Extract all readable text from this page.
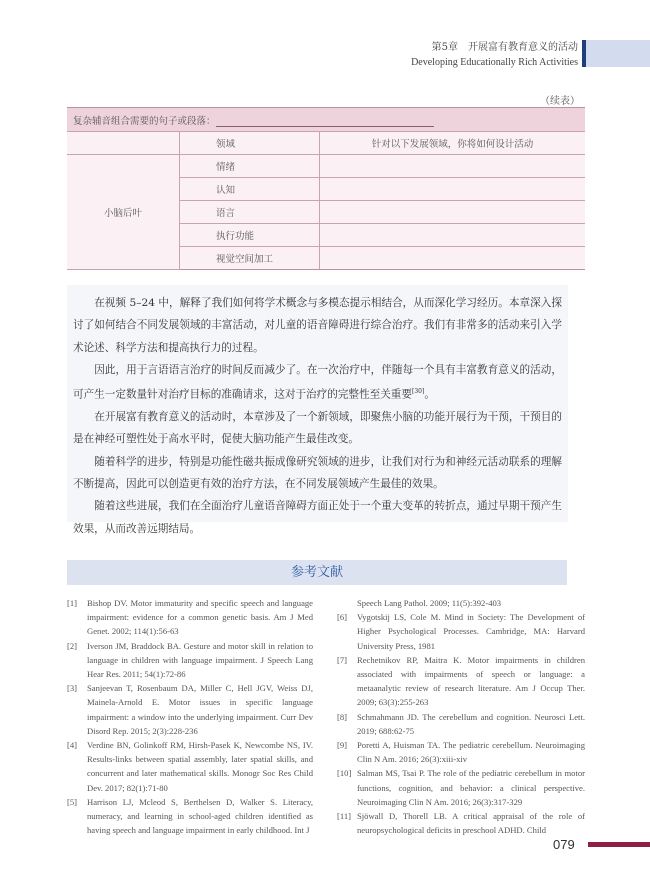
第5章　开展富有教育意义的活动
Developing Educationally Rich Activities
（续表）
复杂辅音组合需要的句子或段落：		
	领域	针对以下发展领域，你将如何设计活动
小脑后叶	情绪	
	认知	
	语言	
	执行功能	
	视觉空间加工	

在视频 5–24 中，解释了我们如何将学术概念与多模态提示相结合，从而深化学习经历。本章深入探讨了如何结合不同发展领域的丰富活动，对儿童的语音障碍进行综合治疗。我们有非常多的活动来引入学术论述、科学方法和提高执行力的过程。

因此，用于言语语言治疗的时间反而减少了。在一次治疗中，伴随每一个具有丰富教育意义的活动，可产生一定数量针对治疗目标的准确请求，这对于治疗的完整性至关重要[30]。

在开展富有教育意义的活动时，本章涉及了一个新领域，即聚焦小脑的功能开展行为干预，干预目的是在神经可塑性处于高水平时，促使大脑功能产生最佳改变。

随着科学的进步，特别是功能性磁共振成像研究领域的进步，让我们对行为和神经元活动联系的理解不断提高，因此可以创造更有效的治疗方法，在不同发展领域产生最佳的效果。

随着这些进展，我们在全面治疗儿童语音障碍方面正处于一个重大变革的转折点，通过早期干预产生效果，从而改善远期结局。

参考文献
[1] Bishop DV. Motor immaturity and specific speech and language impairment: evidence for a common genetic basis. Am J Med Genet. 2002; 114(1):56-63
[2] Iverson JM, Braddock BA. Gesture and motor skill in relation to language in children with language impairment. J Speech Lang Hear Res. 2011; 54(1):72-86
[3] Sanjeevan T, Rosenbaum DA, Miller C, Hell JGV, Weiss DJ, Mainela-Arnold E. Motor issues in specific language impairment: a window into the underlying impairment. Curr Dev Disord Rep. 2015; 2(3):228-236
[4] Verdine BN, Golinkoff RM, Hirsh-Pasek K, Newcombe NS, IV. Results-links between spatial assembly, later spatial skills, and concurrent and later mathematical skills. Monogr Soc Res Child Dev. 2017; 82(1):71-80
[5] Harrison LJ, Mcleod S, Berthelsen D, Walker S. Literacy, numeracy, and learning in school-aged children identified as having speech and language impairment in early childhood. Int J
Speech Lang Pathol. 2009; 11(5):392-403
[6] Vygotskij LS, Cole M. Mind in Society: The Development of Higher Psychological Processes. Cambridge, MA: Harvard University Press, 1981
[7] Rechetnikov RP, Maitra K. Motor impairments in children associated with impairments of speech or language: a metaanalytic review of research literature. Am J Occup Ther. 2009; 63(3):255-263
[8] Schmahmann JD. The cerebellum and cognition. Neurosci Lett. 2019; 688:62-75
[9] Poretti A, Huisman TA. The pediatric cerebellum. Neuroimaging Clin N Am. 2016; 26(3):xiii-xiv
[10] Salman MS, Tsai P. The role of the pediatric cerebellum in motor functions, cognition, and behavior: a clinical perspective. Neuroimaging Clin N Am. 2016; 26(3):317-329
[11] Sjöwall D, Thorell LB. A critical appraisal of the role of neuropsychological deficits in preschool ADHD. Child
079
